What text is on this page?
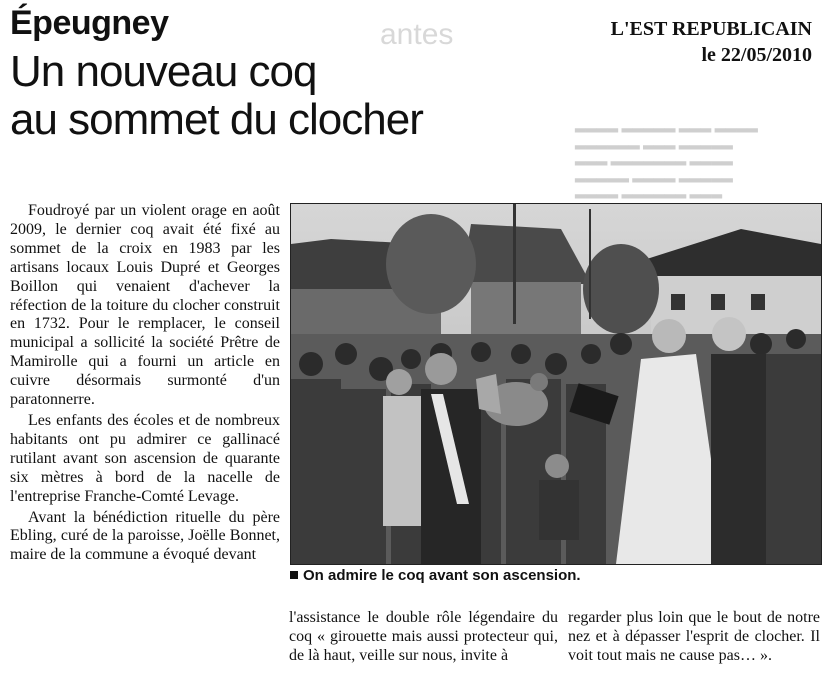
antes
▂▂▂▂ ▂▂▂▂▂ ▂▂▂ ▂▂▂▂
▂▂▂▂▂▂ ▂▂▂ ▂▂▂▂▂
▂▂▂ ▂▂▂▂▂▂▂ ▂▂▂▂
▂▂▂▂▂ ▂▂▂▂ ▂▂▂▂▂
▂▂▂▂ ▂▂▂▂▂▂ ▂▂▂
Épeugney
Un nouveau coq
au sommet du clocher
L'EST REPUBLICAIN
le 22/05/2010

Foudroyé par un violent orage en août 2009, le dernier coq avait été fixé au sommet de la croix en 1983 par les artisans locaux Louis Dupré et Georges Boillon qui venaient d'achever la réfection de la toiture du clocher construit en 1732. Pour le remplacer, le conseil municipal a sollicité la société Prêtre de Mamirolle qui a fourni un article en cuivre désormais surmonté d'un paratonnerre.

Les enfants des écoles et de nombreux habitants ont pu admirer ce gallinacé rutilant avant son ascension de quarante six mètres à bord de la nacelle de l'entreprise Franche-Comté Levage.

Avant la bénédiction rituelle du père Ebling, curé de la paroisse, Joëlle Bonnet, maire de la commune a évoqué devant

On admire le coq avant son ascension.

l'assistance le double rôle légendaire du coq « girouette mais aussi protecteur qui, de là haut, veille sur nous, invite à

regarder plus loin que le bout de notre nez et à dépasser l'esprit de clocher. Il voit tout mais ne cause pas… ».
